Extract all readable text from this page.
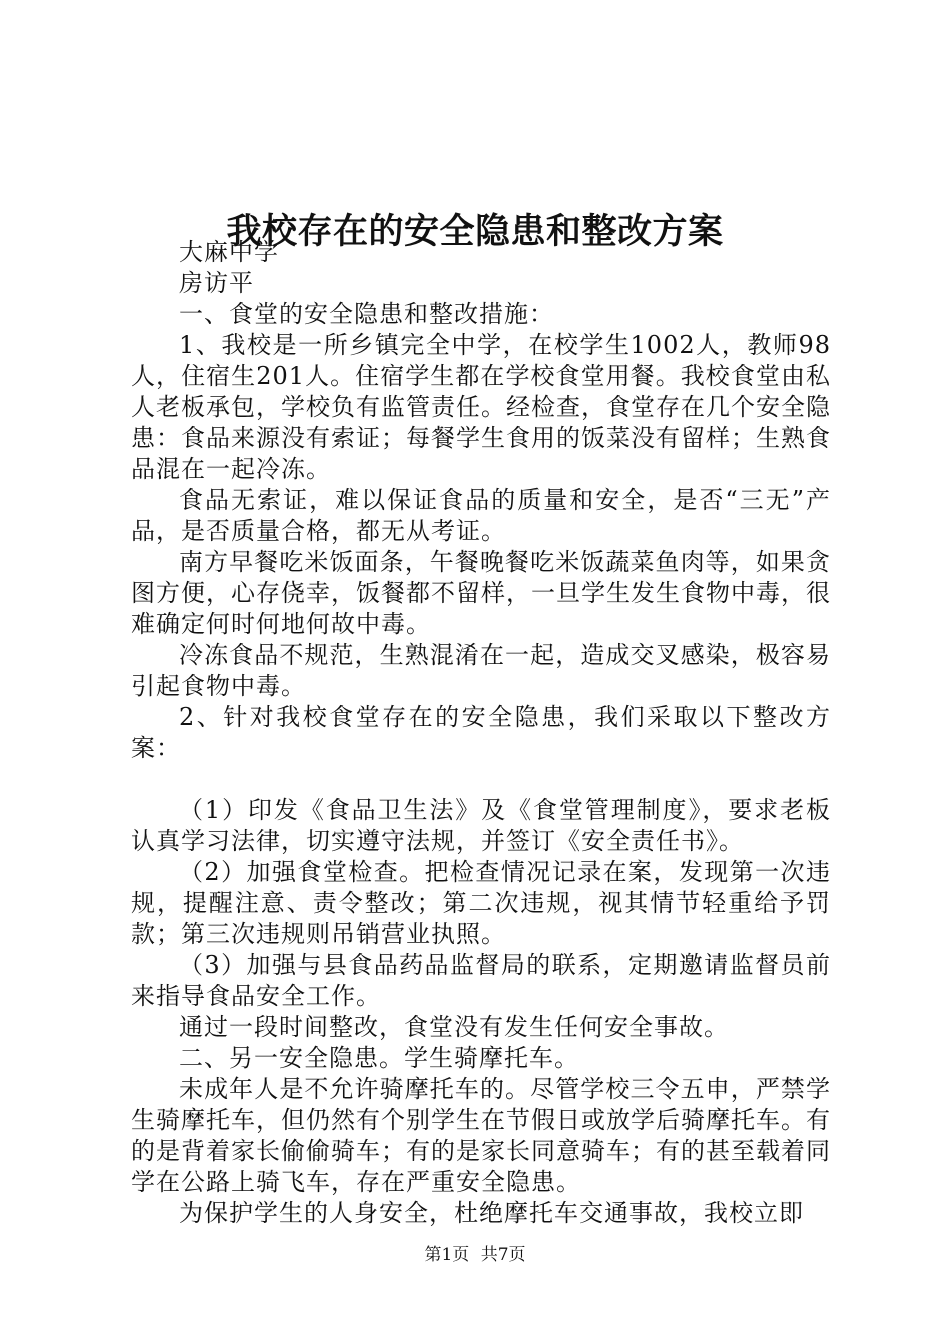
我校存在的安全隐患和整改方案

大麻中学

房访平

一、食堂的安全隐患和整改措施：

1、我校是一所乡镇完全中学，在校学生1002人，教师98人，住宿生201人。住宿学生都在学校食堂用餐。我校食堂由私人老板承包，学校负有监管责任。经检查，食堂存在几个安全隐患：食品来源没有索证；每餐学生食用的饭菜没有留样；生熟食品混在一起冷冻。

食品无索证，难以保证食品的质量和安全，是否“三无”产品，是否质量合格，都无从考证。

南方早餐吃米饭面条，午餐晚餐吃米饭蔬菜鱼肉等，如果贪图方便，心存侥幸，饭餐都不留样，一旦学生发生食物中毒，很难确定何时何地何故中毒。

冷冻食品不规范，生熟混淆在一起，造成交叉感染，极容易引起食物中毒。

2、针对我校食堂存在的安全隐患，我们采取以下整改方案：

（1）印发《食品卫生法》及《食堂管理制度》，要求老板认真学习法律，切实遵守法规，并签订《安全责任书》。

（2）加强食堂检查。把检查情况记录在案，发现第一次违规，提醒注意、责令整改；第二次违规，视其情节轻重给予罚款；第三次违规则吊销营业执照。

（3）加强与县食品药品监督局的联系，定期邀请监督员前来指导食品安全工作。

通过一段时间整改，食堂没有发生任何安全事故。

二、另一安全隐患。学生骑摩托车。

未成年人是不允许骑摩托车的。尽管学校三令五申，严禁学生骑摩托车，但仍然有个别学生在节假日或放学后骑摩托车。有的是背着家长偷偷骑车；有的是家长同意骑车；有的甚至载着同学在公路上骑飞车，存在严重安全隐患。

为保护学生的人身安全，杜绝摩托车交通事故，我校立即

第1页 共7页
